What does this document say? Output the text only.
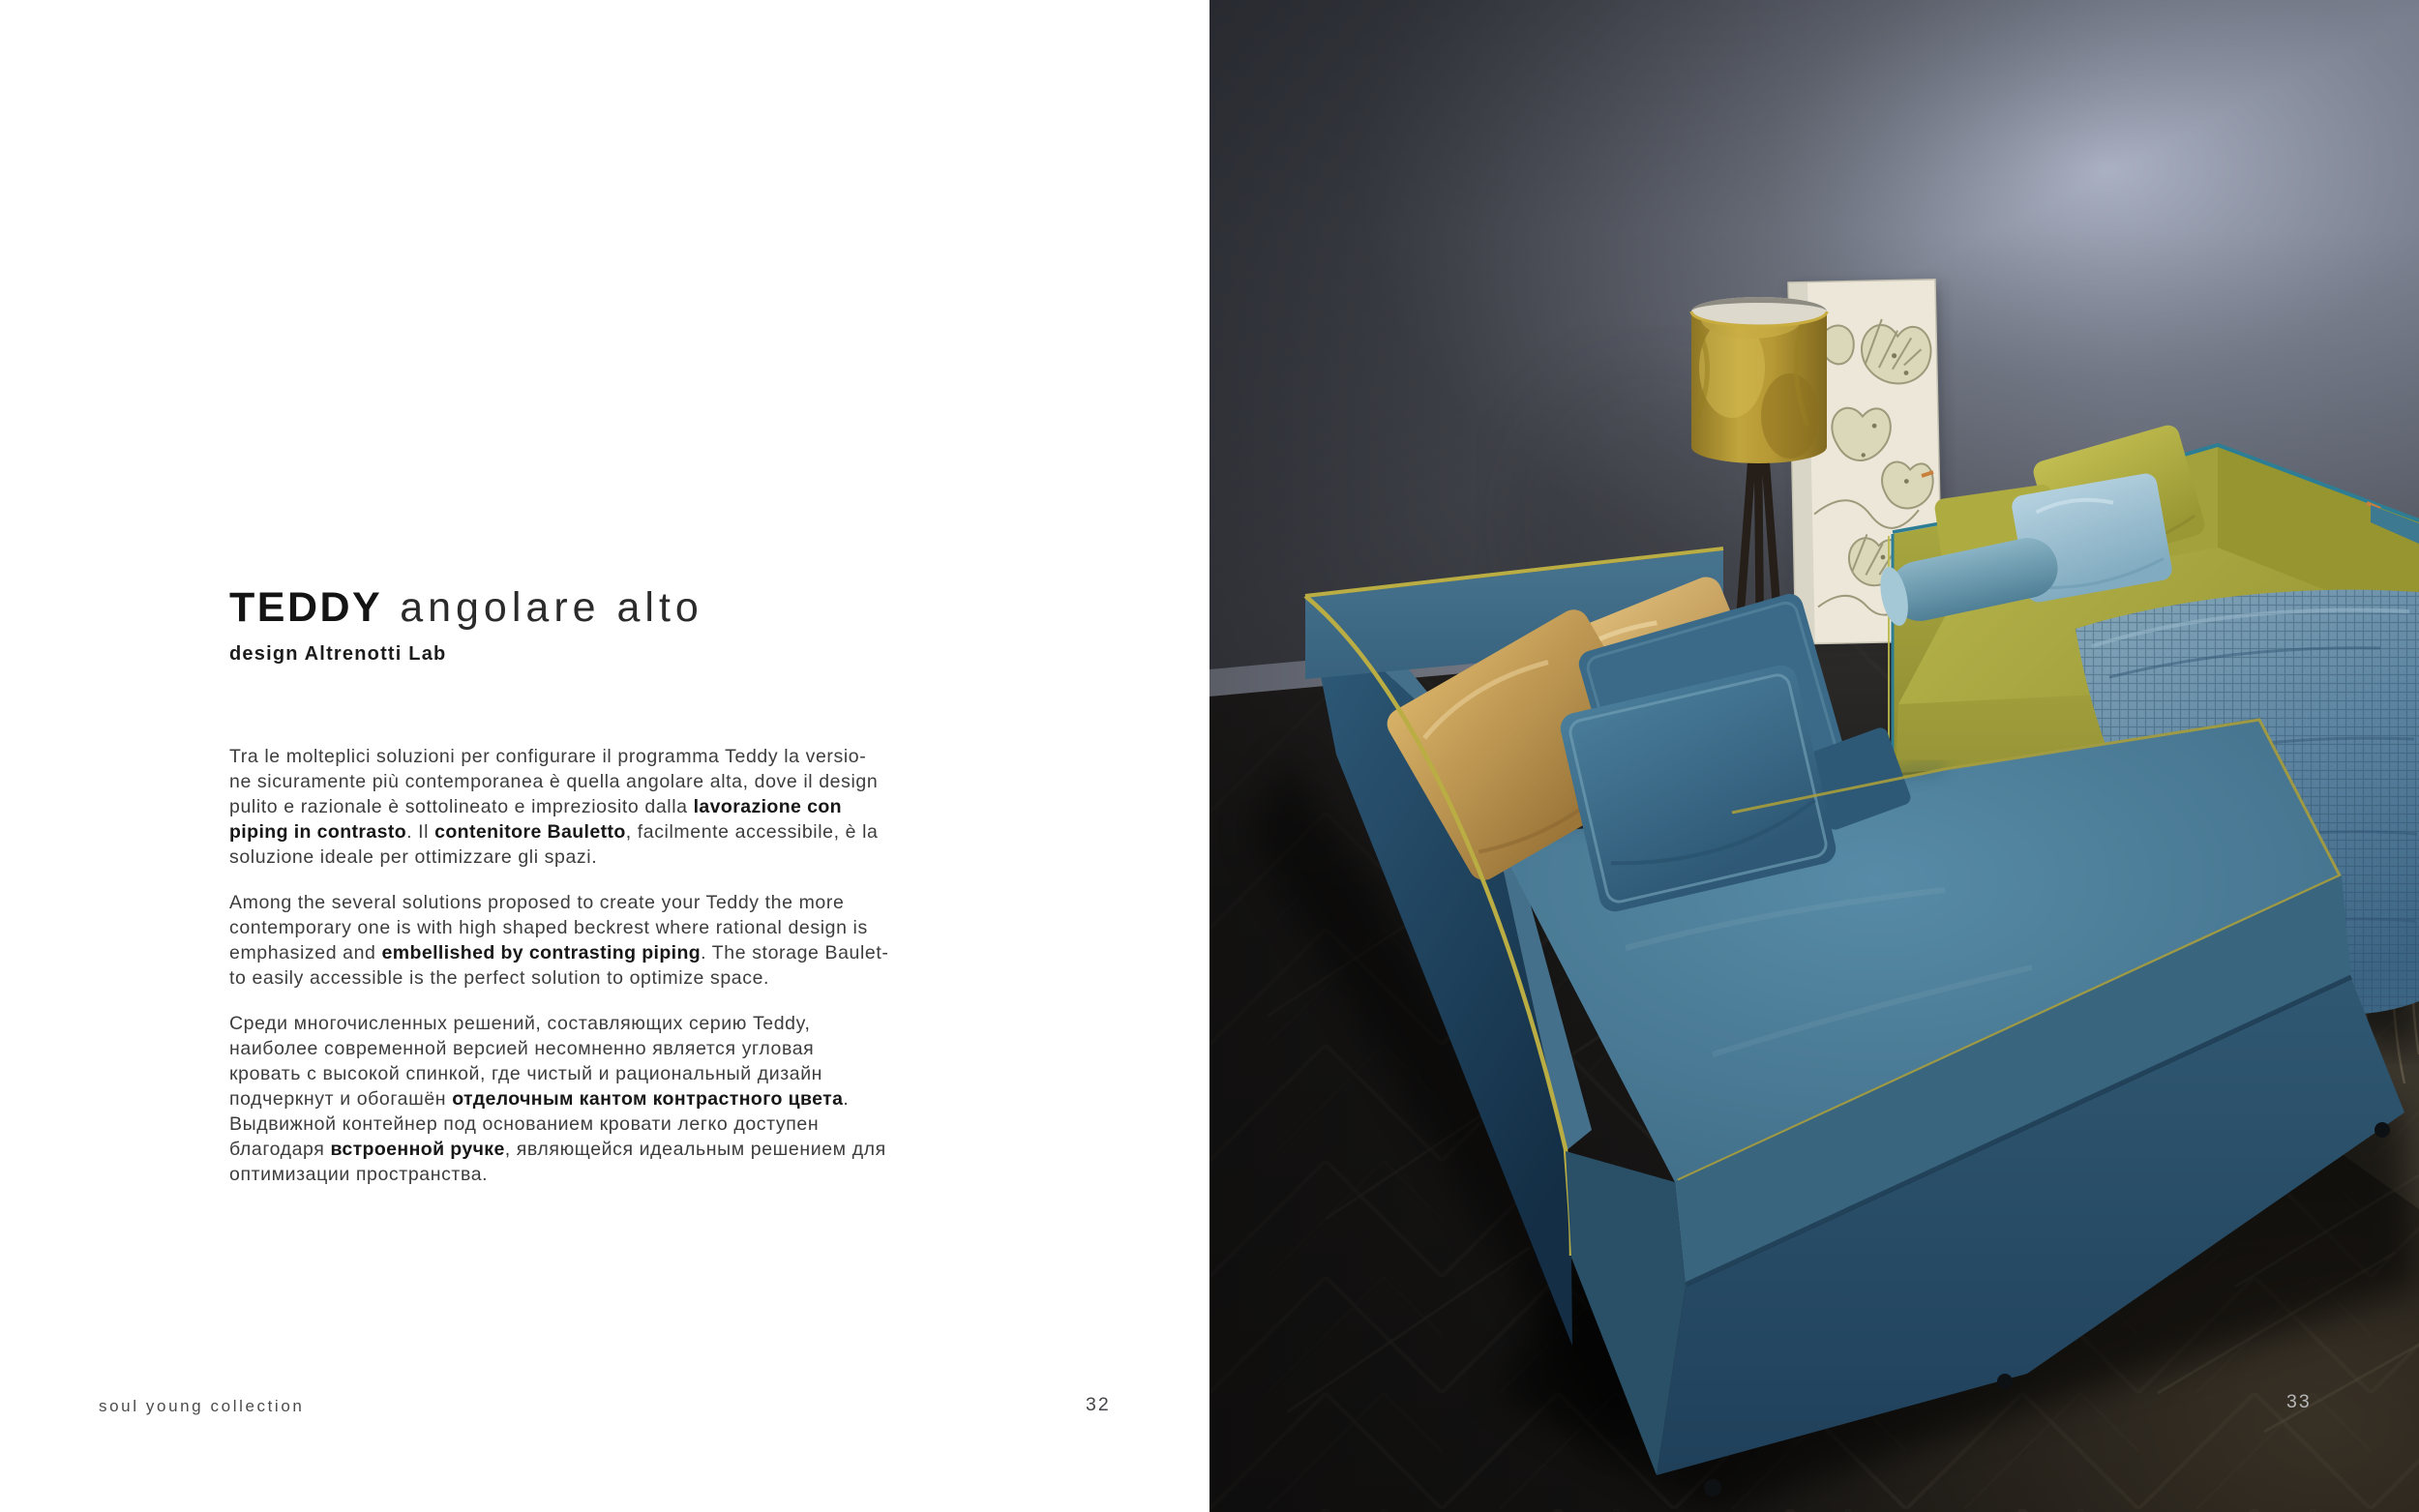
TEDDY angolare alto
design Altrenotti Lab

Tra le molteplici soluzioni per configurare il programma Teddy la versio-
ne sicuramente più contemporanea è quella angolare alta, dove il design
pulito e razionale è sottolineato e impreziosito dalla lavorazione con
piping in contrasto. Il contenitore Bauletto, facilmente accessibile, è la
soluzione ideale per ottimizzare gli spazi.

Among the several solutions proposed to create your Teddy the more
contemporary one is with high shaped beckrest where rational design is
emphasized and embellished by contrasting piping. The storage Baulet-
to easily accessible is the perfect solution to optimize space.

Среди многочисленных решений, составляющих серию Teddy,
наиболее современной версией несомненно является угловая
кровать с высокой спинкой, где чистый и рациональный дизайн
подчеркнут и обогашён отделочным кантом контрастного цвета.
Выдвижной контейнер под основанием кровати легко доступен
благодаря встроенной ручке, являющейся идеальным решением для
оптимизации пространства.

soul young collection	32	33
